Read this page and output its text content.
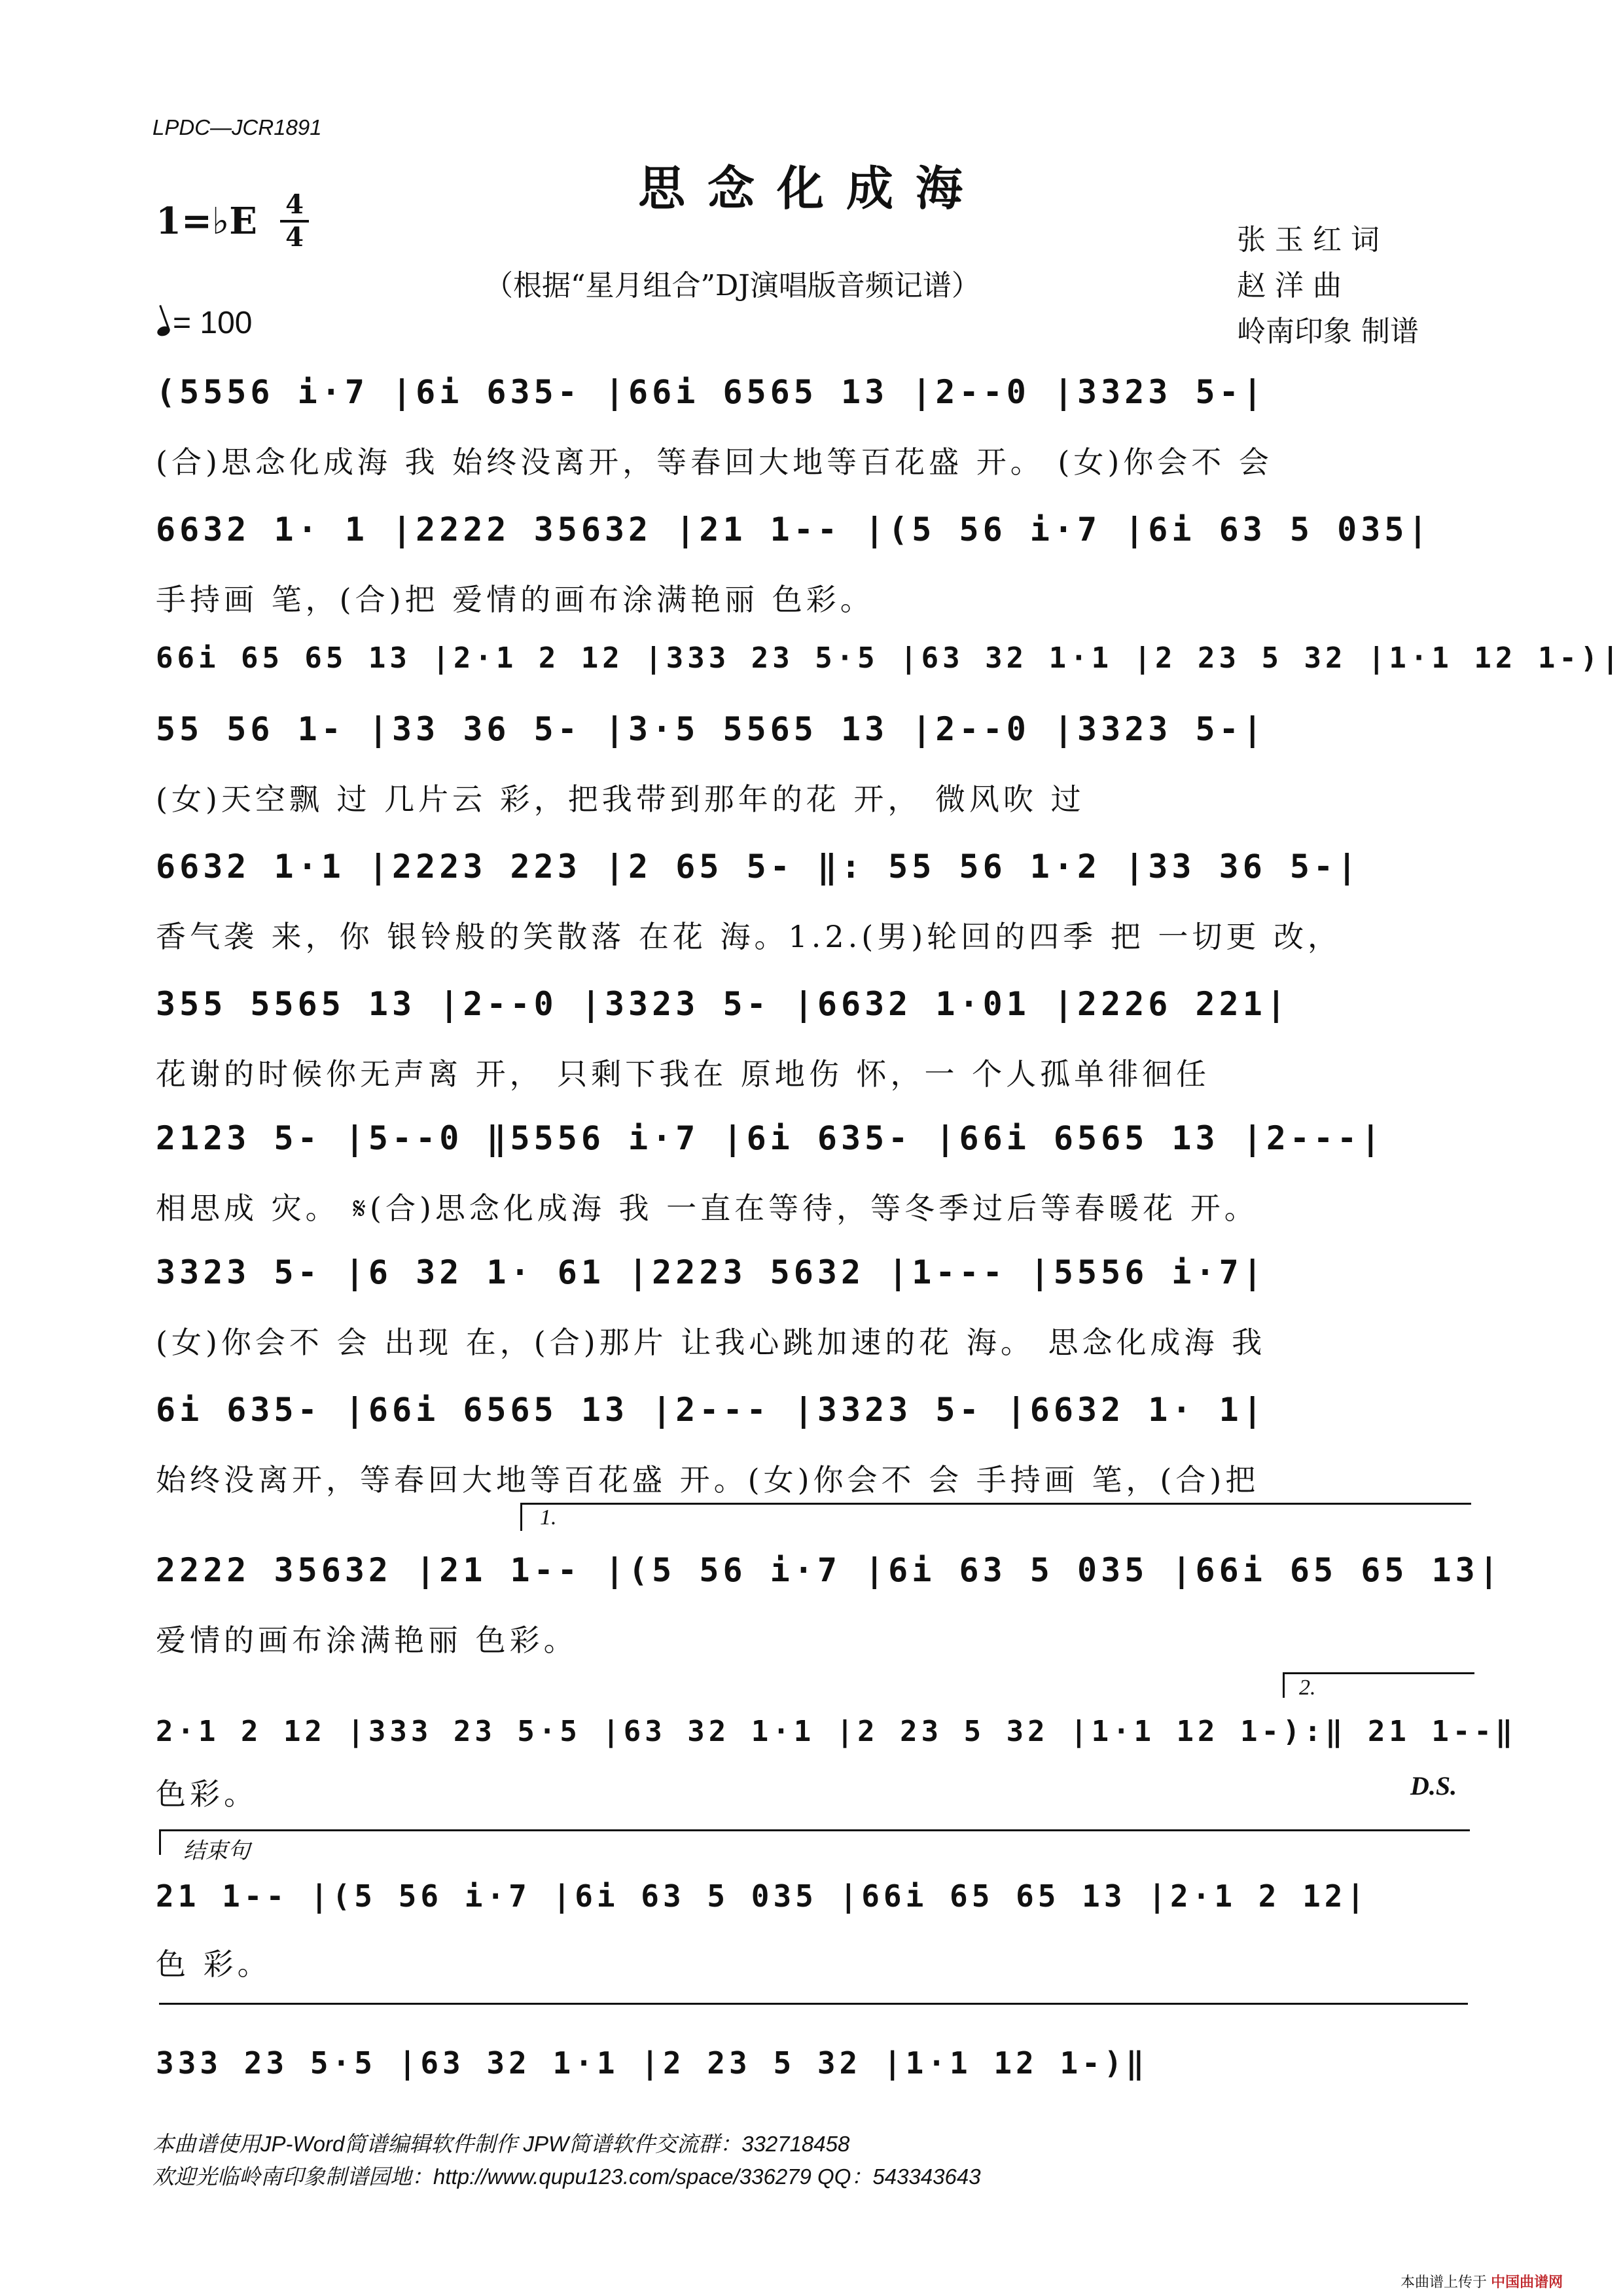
LPDC—JCR1891
思念化成海
1=♭E 4
4
（根据“星月组合”DJ演唱版音频记谱）
张 玉 红 词
赵 洋 曲
岭南印象 制谱
= 100
(5556 i·7 |6i 635- |66i 6565 13 |2--0 |3323 5-|
(合)思念化成海 我 始终没离开，等春回大地等百花盛 开。 (女)你会不 会
6632 1· 1 |2222 35632 |21 1-- |(5 56 i·7 |6i 63 5 035|
手持画 笔，(合)把 爱情的画布涂满艳丽 色彩。
66i 65 65 13 |2·1 2 12 |333 23 5·5 |63 32 1·1 |2 23 5 32 |1·1 12 1-)|
55 56 1- |33 36 5- |3·5 5565 13 |2--0 |3323 5-|
(女)天空飘 过 几片云 彩，把我带到那年的花 开， 微风吹 过
6632 1·1 |2223 223 |2 65 5- ‖: 55 56 1·2 |33 36 5-|
香气袭 来，你 银铃般的笑散落 在花 海。1.2.(男)轮回的四季 把 一切更 改，
355 5565 13 |2--0 |3323 5- |6632 1·01 |2226 221|
花谢的时候你无声离 开， 只剩下我在 原地伤 怀，一 个人孤单徘徊任
2123 5- |5--0 ‖5556 i·7 |6i 635- |66i 6565 13 |2---|
相思成 灾。 𝄋(合)思念化成海 我 一直在等待，等冬季过后等春暖花 开。
3323 5- |6 32 1· 61 |2223 5632 |1--- |5556 i·7|
(女)你会不 会 出现 在，(合)那片 让我心跳加速的花 海。 思念化成海 我
6i 635- |66i 6565 13 |2--- |3323 5- |6632 1· 1|
始终没离开，等春回大地等百花盛 开。(女)你会不 会 手持画 笔，(合)把
1.
2222 35632 |21 1-- |(5 56 i·7 |6i 63 5 035 |66i 65 65 13|
爱情的画布涂满艳丽 色彩。
2.
2·1 2 12 |333 23 5·5 |63 32 1·1 |2 23 5 32 |1·1 12 1-):‖ 21 1--‖
色彩。	D.S.
结束句
21 1-- |(5 56 i·7 |6i 63 5 035 |66i 65 65 13 |2·1 2 12|
色 彩。
333 23 5·5 |63 32 1·1 |2 23 5 32 |1·1 12 1-)‖
本曲谱使用JP-Word简谱编辑软件制作 JPW简谱软件交流群：332718458
欢迎光临岭南印象制谱园地：http://www.qupu123.com/space/336279 QQ：543343643
本曲谱上传于 中国曲谱网
